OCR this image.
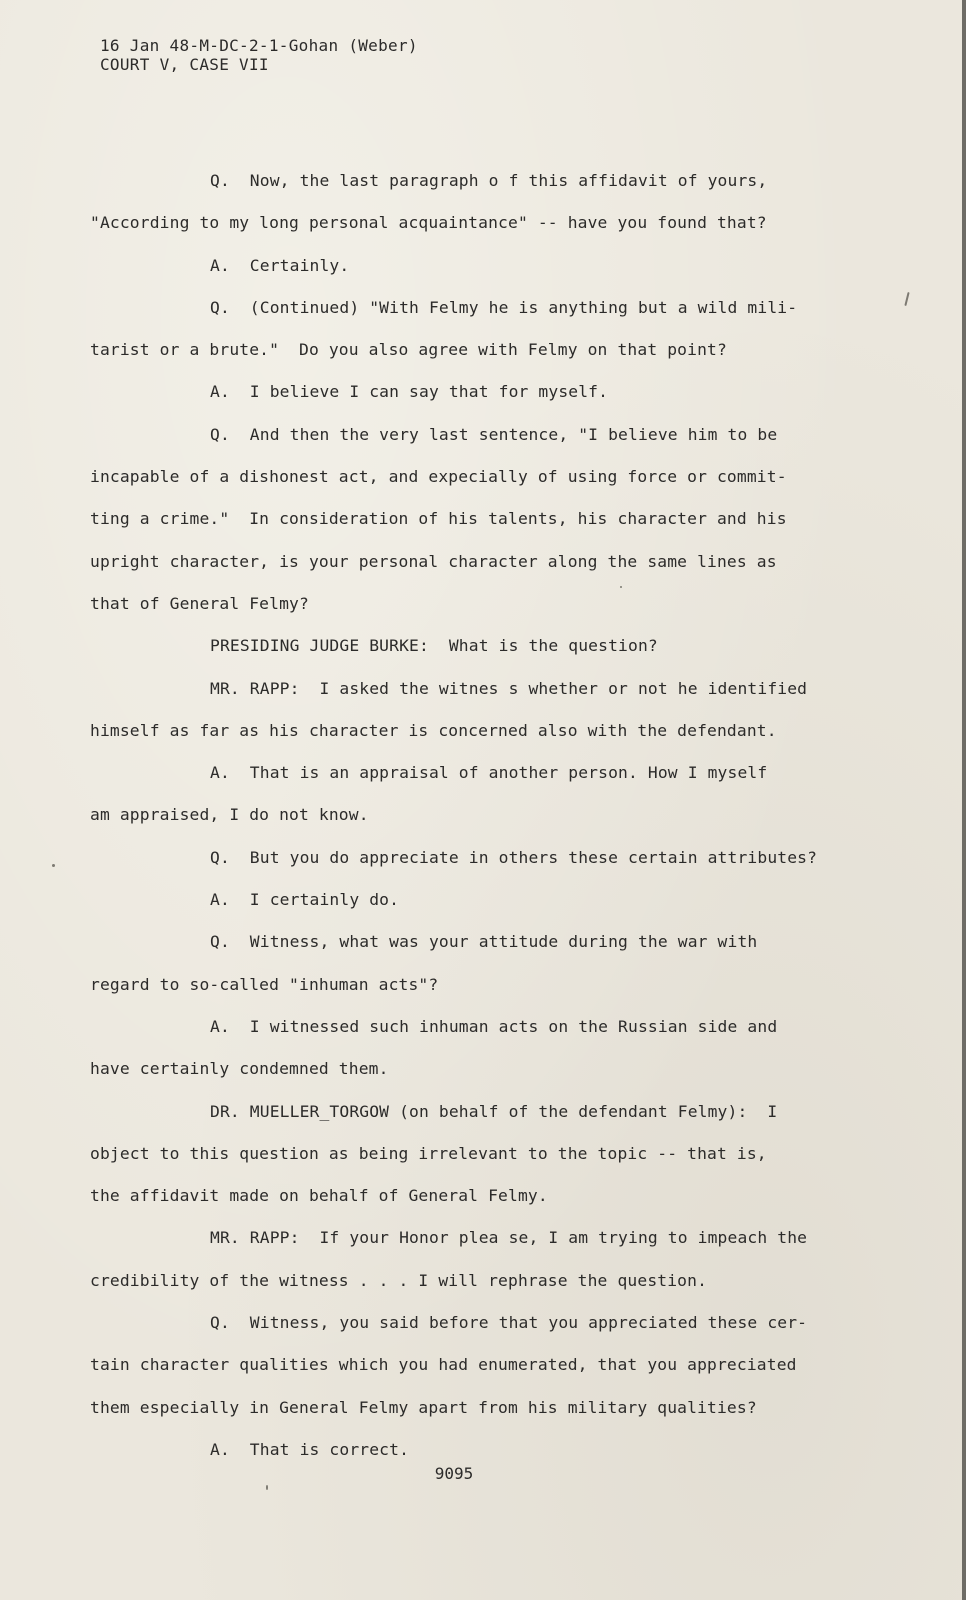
16 Jan 48-M-DC-2-1-Gohan (Weber)
COURT V, CASE VII
Q.  Now, the last paragraph o f this affidavit of yours,
"According to my long personal acquaintance" -- have you found that?
A.  Certainly.
Q.  (Continued) "With Felmy he is anything but a wild mili-
tarist or a brute."  Do you also agree with Felmy on that point?
A.  I believe I can say that for myself.
Q.  And then the very last sentence, "I believe him to be
incapable of a dishonest act, and expecially of using force or commit-
ting a crime."  In consideration of his talents, his character and his
upright character, is your personal character along the same lines as
that of General Felmy?
PRESIDING JUDGE BURKE:  What is the question?
MR. RAPP:  I asked the witnes s whether or not he identified
himself as far as his character is concerned also with the defendant.
A.  That is an appraisal of another person. How I myself
am appraised, I do not know.
Q.  But you do appreciate in others these certain attributes?
A.  I certainly do.
Q.  Witness, what was your attitude during the war with
regard to so-called "inhuman acts"?
A.  I witnessed such inhuman acts on the Russian side and
have certainly condemned them.
DR. MUELLER_TORGOW (on behalf of the defendant Felmy):  I
object to this question as being irrelevant to the topic -- that is,
the affidavit made on behalf of General Felmy.
MR. RAPP:  If your Honor plea se, I am trying to impeach the
credibility of the witness . . . I will rephrase the question.
Q.  Witness, you said before that you appreciated these cer-
tain character qualities which you had enumerated, that you appreciated
them especially in General Felmy apart from his military qualities?
A.  That is correct.
9095
